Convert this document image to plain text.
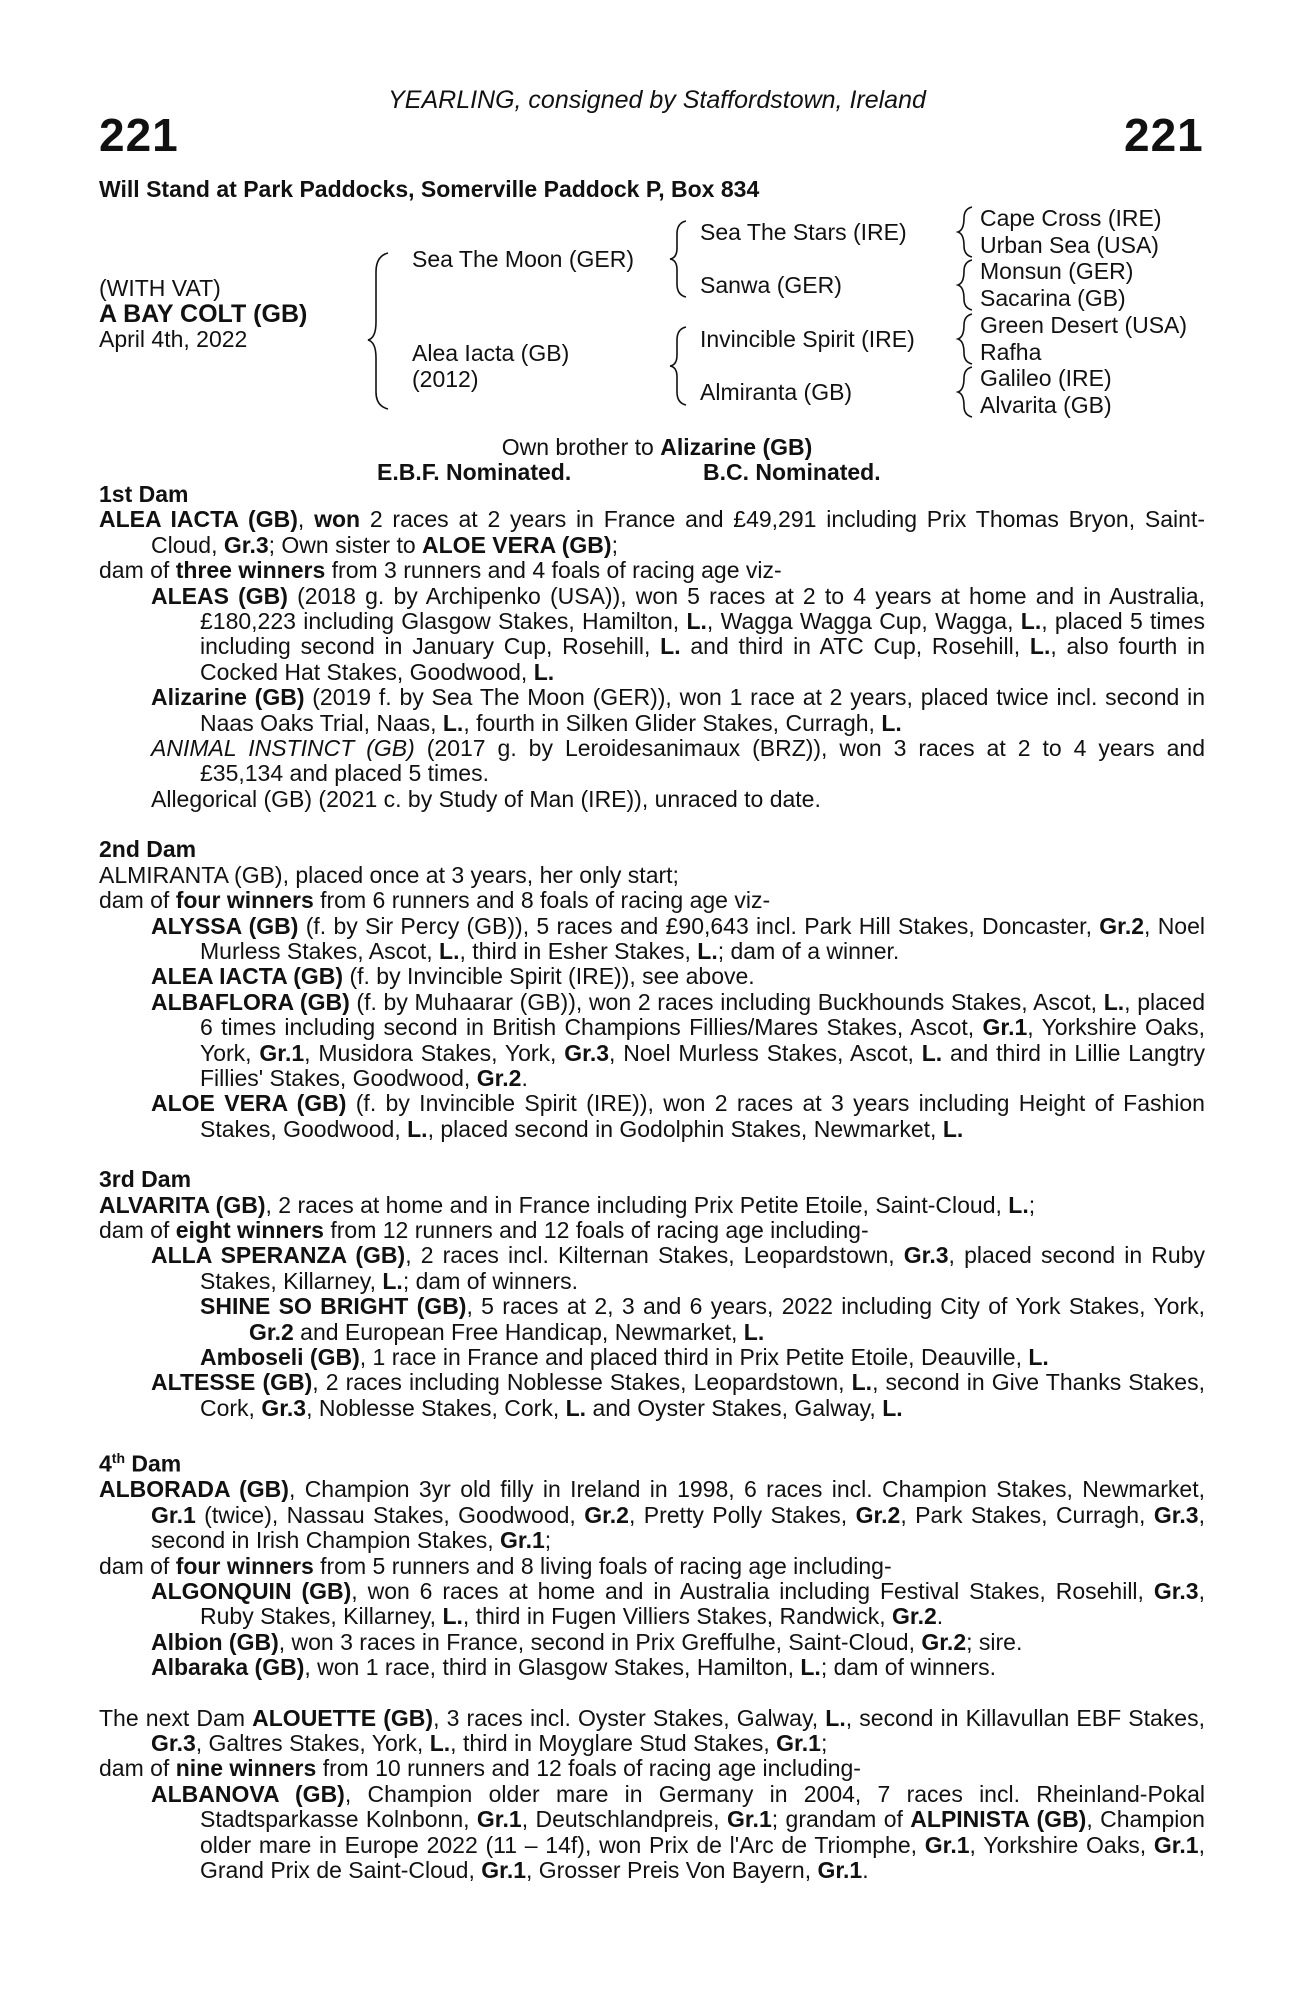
YEARLING, consigned by Staffordstown, Ireland
221	221
Will Stand at Park Paddocks, Somerville Paddock P, Box 834
(WITH VAT)
A BAY COLT (GB)
April 4th, 2022
Sea The Moon (GER)
Alea Iacta (GB)
(2012)
Sea The Stars (IRE)
Sanwa (GER)
Invincible Spirit (IRE)
Almiranta (GB)
Cape Cross (IRE)
Urban Sea (USA)
Monsun (GER)
Sacarina (GB)
Green Desert (USA)
Rafha
Galileo (IRE)
Alvarita (GB)
Own brother to Alizarine (GB)
E.B.F. Nominated.	B.C. Nominated.

1st Dam

ALEA IACTA (GB), won 2 races at 2 years in France and £49,291 including Prix Thomas Bryon, Saint-Cloud, Gr.3; Own sister to ALOE VERA (GB);

dam of three winners from 3 runners and 4 foals of racing age viz-

ALEAS (GB) (2018 g. by Archipenko (USA)), won 5 races at 2 to 4 years at home and in Australia, £180,223 including Glasgow Stakes, Hamilton, L., Wagga Wagga Cup, Wagga, L., placed 5 times including second in January Cup, Rosehill, L. and third in ATC Cup, Rosehill, L., also fourth in Cocked Hat Stakes, Goodwood, L.

Alizarine (GB) (2019 f. by Sea The Moon (GER)), won 1 race at 2 years, placed twice incl. second in Naas Oaks Trial, Naas, L., fourth in Silken Glider Stakes, Curragh, L.

ANIMAL INSTINCT (GB) (2017 g. by Leroidesanimaux (BRZ)), won 3 races at 2 to 4 years and £35,134 and placed 5 times.

Allegorical (GB) (2021 c. by Study of Man (IRE)), unraced to date.

2nd Dam

ALMIRANTA (GB), placed once at 3 years, her only start;

dam of four winners from 6 runners and 8 foals of racing age viz-

ALYSSA (GB) (f. by Sir Percy (GB)), 5 races and £90,643 incl. Park Hill Stakes, Doncaster, Gr.2, Noel Murless Stakes, Ascot, L., third in Esher Stakes, L.; dam of a winner.

ALEA IACTA (GB) (f. by Invincible Spirit (IRE)), see above.

ALBAFLORA (GB) (f. by Muhaarar (GB)), won 2 races including Buckhounds Stakes, Ascot, L., placed 6 times including second in British Champions Fillies/Mares Stakes, Ascot, Gr.1, Yorkshire Oaks, York, Gr.1, Musidora Stakes, York, Gr.3, Noel Murless Stakes, Ascot, L. and third in Lillie Langtry Fillies' Stakes, Goodwood, Gr.2.

ALOE VERA (GB) (f. by Invincible Spirit (IRE)), won 2 races at 3 years including Height of Fashion Stakes, Goodwood, L., placed second in Godolphin Stakes, Newmarket, L.

3rd Dam

ALVARITA (GB), 2 races at home and in France including Prix Petite Etoile, Saint-Cloud, L.;

dam of eight winners from 12 runners and 12 foals of racing age including-

ALLA SPERANZA (GB), 2 races incl. Kilternan Stakes, Leopardstown, Gr.3, placed second in Ruby Stakes, Killarney, L.; dam of winners.

SHINE SO BRIGHT (GB), 5 races at 2, 3 and 6 years, 2022 including City of York Stakes, York, Gr.2 and European Free Handicap, Newmarket, L.

Amboseli (GB), 1 race in France and placed third in Prix Petite Etoile, Deauville, L.

ALTESSE (GB), 2 races including Noblesse Stakes, Leopardstown, L., second in Give Thanks Stakes, Cork, Gr.3, Noblesse Stakes, Cork, L. and Oyster Stakes, Galway, L.

4th Dam

ALBORADA (GB), Champion 3yr old filly in Ireland in 1998, 6 races incl. Champion Stakes, Newmarket, Gr.1 (twice), Nassau Stakes, Goodwood, Gr.2, Pretty Polly Stakes, Gr.2, Park Stakes, Curragh, Gr.3, second in Irish Champion Stakes, Gr.1;

dam of four winners from 5 runners and 8 living foals of racing age including-

ALGONQUIN (GB), won 6 races at home and in Australia including Festival Stakes, Rosehill, Gr.3, Ruby Stakes, Killarney, L., third in Fugen Villiers Stakes, Randwick, Gr.2.

Albion (GB), won 3 races in France, second in Prix Greffulhe, Saint-Cloud, Gr.2; sire.

Albaraka (GB), won 1 race, third in Glasgow Stakes, Hamilton, L.; dam of winners.

The next Dam ALOUETTE (GB), 3 races incl. Oyster Stakes, Galway, L., second in Killavullan EBF Stakes, Gr.3, Galtres Stakes, York, L., third in Moyglare Stud Stakes, Gr.1;

dam of nine winners from 10 runners and 12 foals of racing age including-

ALBANOVA (GB), Champion older mare in Germany in 2004, 7 races incl. Rheinland-Pokal Stadtsparkasse Kolnbonn, Gr.1, Deutschlandpreis, Gr.1; grandam of ALPINISTA (GB), Champion older mare in Europe 2022 (11 – 14f), won Prix de l'Arc de Triomphe, Gr.1, Yorkshire Oaks, Gr.1, Grand Prix de Saint-Cloud, Gr.1, Grosser Preis Von Bayern, Gr.1.
